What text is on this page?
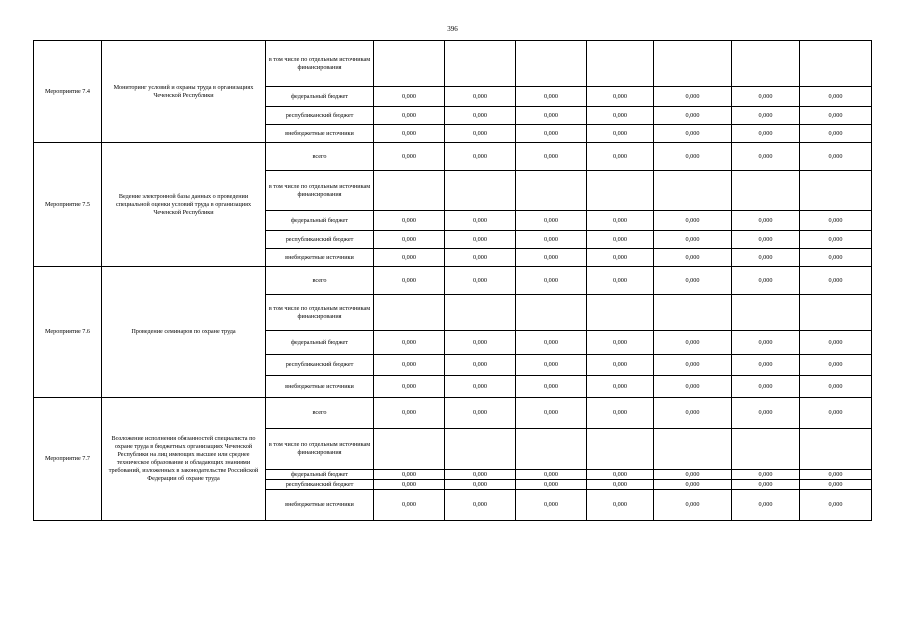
396
Мероприятие 7.4	Мониторинг условий и охраны труда в организациях Чеченской Республики	в том числе по отдельным источникам финансирования							
		федеральный бюджет	0,000	0,000	0,000	0,000	0,000	0,000	0,000
		республиканский бюджет	0,000	0,000	0,000	0,000	0,000	0,000	0,000
		внебюджетные источники	0,000	0,000	0,000	0,000	0,000	0,000	0,000
Мероприятие 7.5	Ведение электронной базы данных о проведении специальной оценки условий труда в организациях Чеченской Республики	всего	0,000	0,000	0,000	0,000	0,000	0,000	0,000
		в том числе по отдельным источникам финансирования							
		федеральный бюджет	0,000	0,000	0,000	0,000	0,000	0,000	0,000
		республиканский бюджет	0,000	0,000	0,000	0,000	0,000	0,000	0,000
		внебюджетные источники	0,000	0,000	0,000	0,000	0,000	0,000	0,000
Мероприятие 7.6	Проведение семинаров по охране труда	всего	0,000	0,000	0,000	0,000	0,000	0,000	0,000
		в том числе по отдельным источникам финансирования							
		федеральный бюджет	0,000	0,000	0,000	0,000	0,000	0,000	0,000
		республиканский бюджет	0,000	0,000	0,000	0,000	0,000	0,000	0,000
		внебюджетные источники	0,000	0,000	0,000	0,000	0,000	0,000	0,000
Мероприятие 7.7	Возложение исполнения обязанностей специалиста по охране труда в бюджетных организациях Чеченской Республики на лиц имеющих высшее или среднее техническое образование и обладающих знаниями требований, изложенных в законодательстве Российской Федерации об охране труда	всего	0,000	0,000	0,000	0,000	0,000	0,000	0,000
		в том числе по отдельным источникам финансирования							
		федеральный бюджет	0,000	0,000	0,000	0,000	0,000	0,000	0,000
		республиканский бюджет	0,000	0,000	0,000	0,000	0,000	0,000	0,000
		внебюджетные источники	0,000	0,000	0,000	0,000	0,000	0,000	0,000
